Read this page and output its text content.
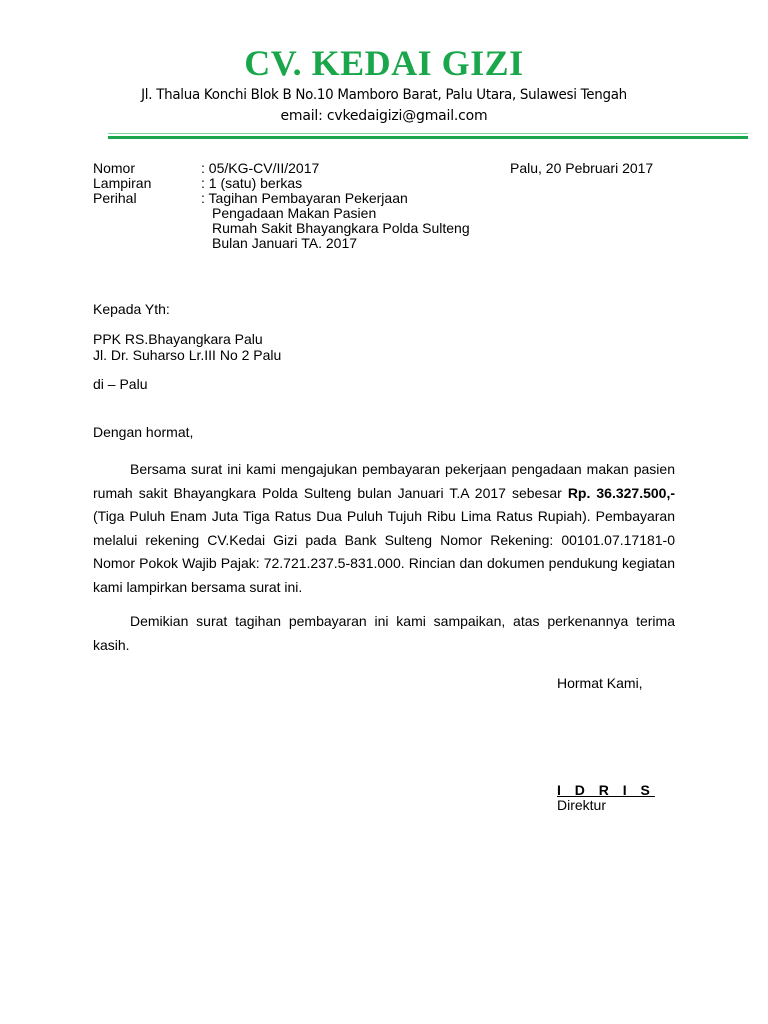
CV. KEDAI GIZI
Jl. Thalua Konchi Blok B No.10 Mamboro Barat, Palu Utara, Sulawesi Tengah
email: cvkedaigizi@gmail.com
Nomor	: 05/KG-CV/II/2017
Lampiran	: 1 (satu) berkas
Perihal	: Tagihan Pembayaran Pekerjaan
Pengadaan Makan Pasien
Rumah Sakit Bhayangkara Polda Sulteng
Bulan Januari TA. 2017
Palu, 20 Pebruari 2017
Kepada Yth:
PPK RS.Bhayangkara Palu
Jl. Dr. Suharso Lr.III No 2 Palu
di – Palu
Dengan hormat,
Bersama surat ini kami mengajukan pembayaran pekerjaan pengadaan makan pasien rumah sakit Bhayangkara Polda Sulteng bulan Januari T.A 2017 sebesar Rp. 36.327.500,- (Tiga Puluh Enam Juta Tiga Ratus Dua Puluh Tujuh Ribu Lima Ratus Rupiah). Pembayaran melalui rekening CV.Kedai Gizi pada Bank Sulteng Nomor Rekening: 00101.07.17181-0 Nomor Pokok Wajib Pajak: 72.721.237.5-831.000. Rincian dan dokumen pendukung kegiatan kami lampirkan bersama surat ini.
Demikian surat tagihan pembayaran ini kami sampaikan, atas perkenannya terima kasih.
Hormat Kami,
I D R I S
Direktur
